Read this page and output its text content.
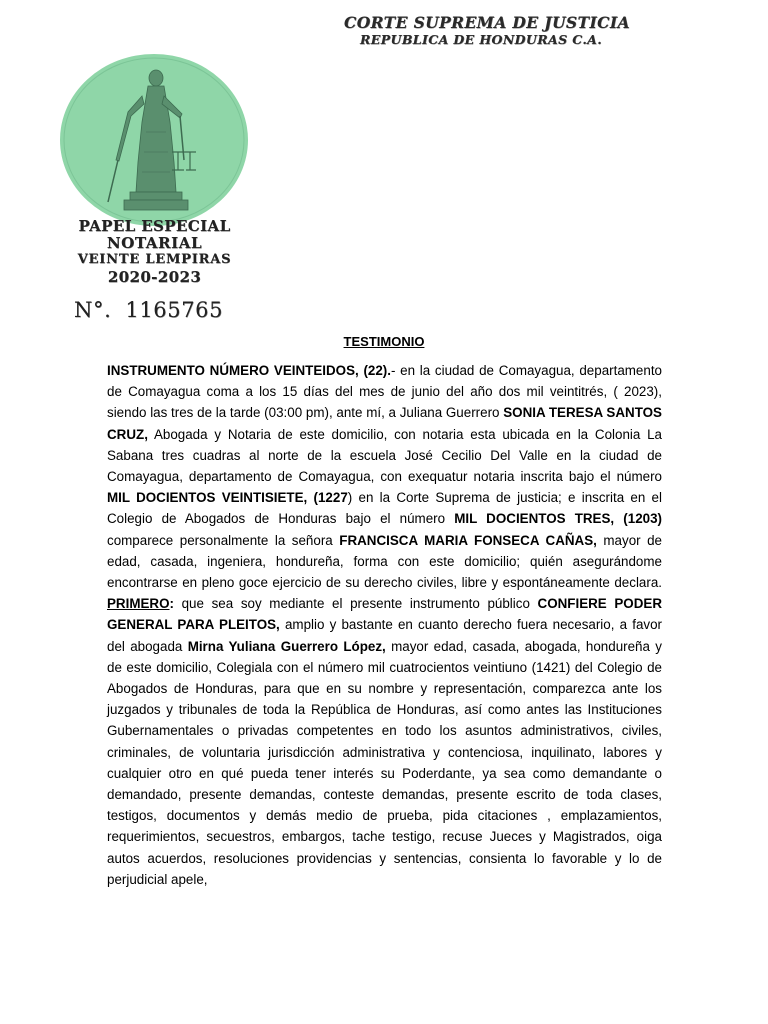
CORTE SUPREMA DE JUSTICIA
REPUBLICA DE HONDURAS C.A.
PAPEL ESPECIAL
NOTARIAL
VEINTE LEMPIRAS
2020-2023
N°. 1165765
TESTIMONIO
INSTRUMENTO NÚMERO VEINTEIDOS, (22).- en la ciudad de Comayagua, departamento de Comayagua coma a los 15 días del mes de junio del año dos mil veintitrés, ( 2023), siendo las tres de la tarde (03:00 pm), ante mí, a Juliana Guerrero SONIA TERESA SANTOS CRUZ, Abogada y Notaria de este domicilio, con notaria esta ubicada en la Colonia La Sabana tres cuadras al norte de la escuela José Cecilio Del Valle en la ciudad de Comayagua, departamento de Comayagua, con exequatur notaria inscrita bajo el número MIL DOCIENTOS VEINTISIETE, (1227) en la Corte Suprema de justicia; e inscrita en el Colegio de Abogados de Honduras bajo el número MIL DOCIENTOS TRES, (1203) comparece personalmente la señora FRANCISCA MARIA FONSECA CAÑAS, mayor de edad, casada, ingeniera, hondureña, forma con este domicilio; quién asegurándome encontrarse en pleno goce ejercicio de su derecho civiles, libre y espontáneamente declara. PRIMERO: que sea soy mediante el presente instrumento público CONFIERE PODER GENERAL PARA PLEITOS, amplio y bastante en cuanto derecho fuera necesario, a favor del abogada Mirna Yuliana Guerrero López, mayor edad, casada, abogada, hondureña y de este domicilio, Colegiala con el número mil cuatrocientos veintiuno (1421) del Colegio de Abogados de Honduras, para que en su nombre y representación, comparezca ante los juzgados y tribunales de toda la República de Honduras, así como antes las Instituciones Gubernamentales o privadas competentes en todo los asuntos administrativos, civiles, criminales, de voluntaria jurisdicción administrativa y contenciosa, inquilinato, labores y cualquier otro en qué pueda tener interés su Poderdante, ya sea como demandante o demandado, presente demandas, conteste demandas, presente escrito de toda clases, testigos, documentos y demás medio de prueba, pida citaciones , emplazamientos, requerimientos, secuestros, embargos, tache testigo, recuse Jueces y Magistrados, oiga autos acuerdos, resoluciones providencias y sentencias, consienta lo favorable y lo de perjudicial apele,
